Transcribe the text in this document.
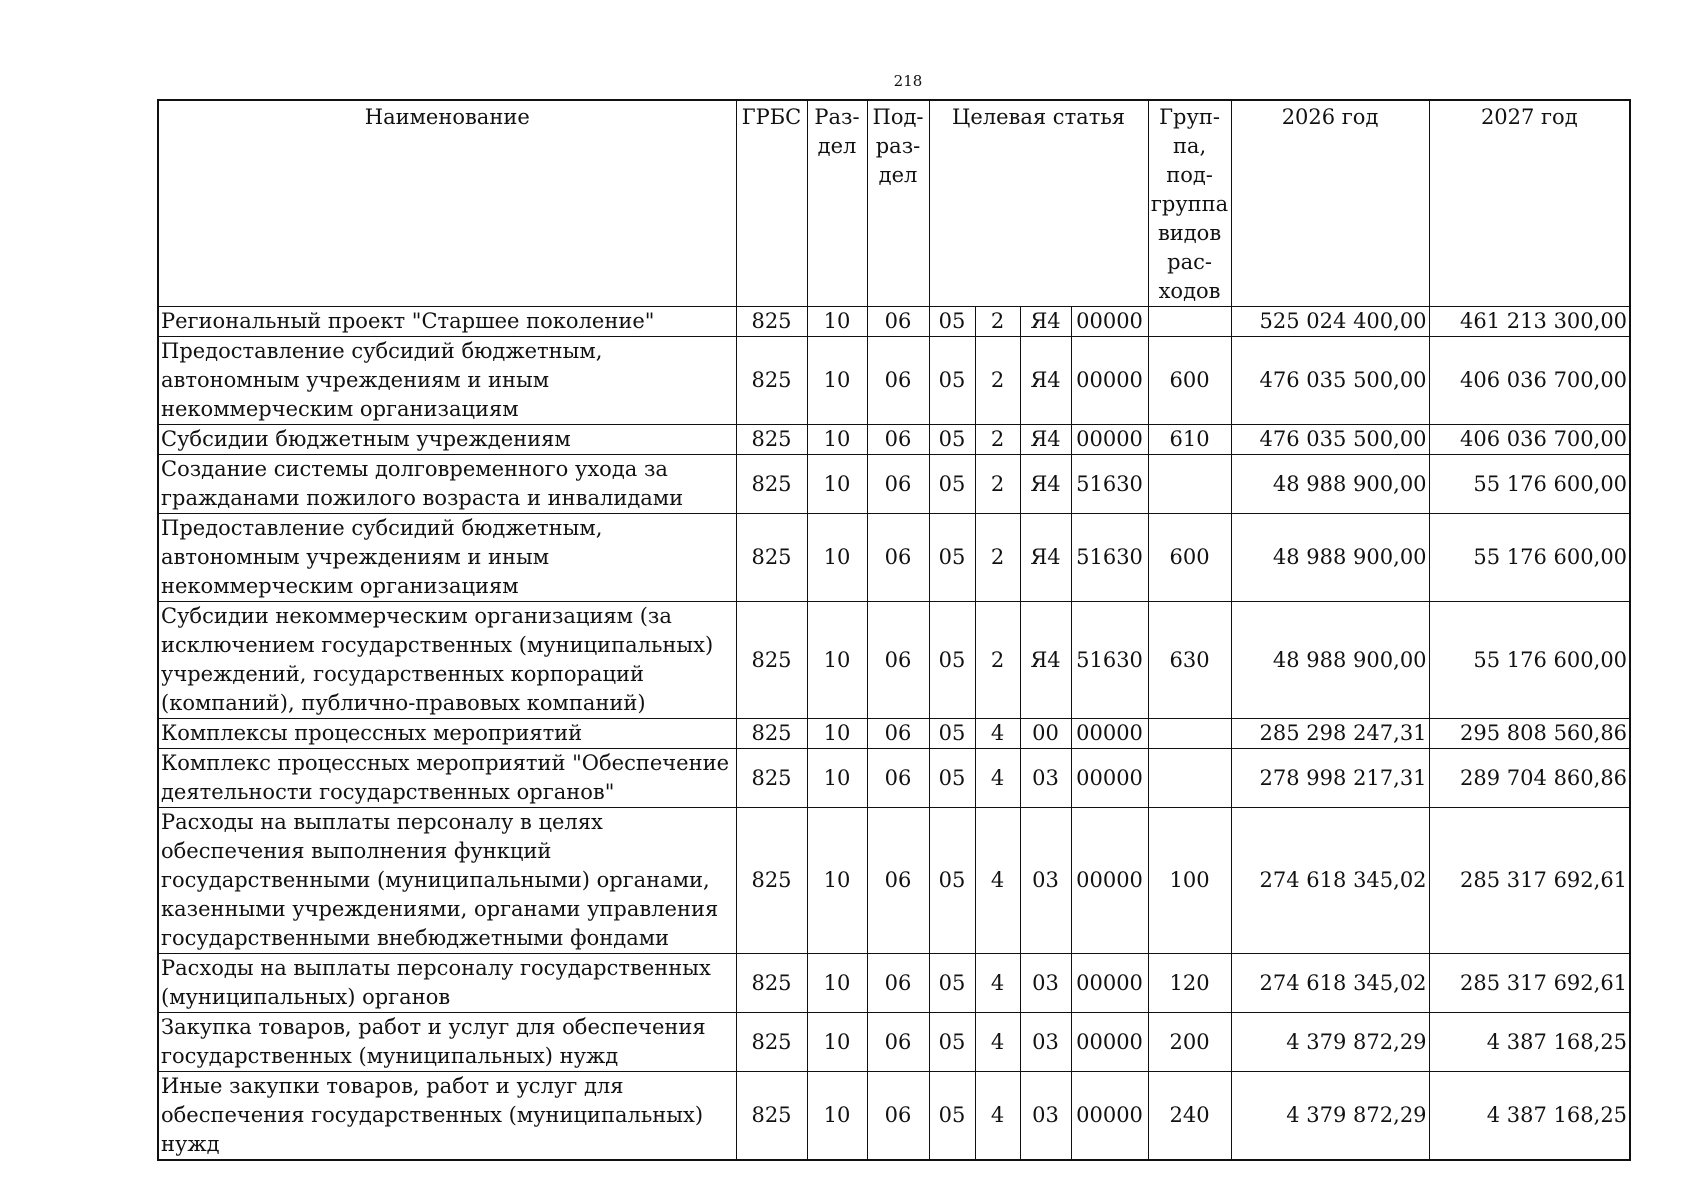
218
Наименование	ГРБС	Раз-дел	Под-раз-дел	Целевая статья				Груп-па, под-группа видов рас-ходов	2026 год	2027 год
Региональный проект "Старшее поколение"	825	10	06	05	2	Я4	00000		525 024 400,00	461 213 300,00
Предоставление субсидий бюджетным, автономным учреждениям и иным некоммерческим организациям	825	10	06	05	2	Я4	00000	600	476 035 500,00	406 036 700,00
Субсидии бюджетным учреждениям	825	10	06	05	2	Я4	00000	610	476 035 500,00	406 036 700,00
Создание системы долговременного ухода за гражданами пожилого возраста и инвалидами	825	10	06	05	2	Я4	51630		48 988 900,00	55 176 600,00
Предоставление субсидий бюджетным, автономным учреждениям и иным некоммерческим организациям	825	10	06	05	2	Я4	51630	600	48 988 900,00	55 176 600,00
Субсидии некоммерческим организациям (за исключением государственных (муниципальных) учреждений, государственных корпораций (компаний), публично-правовых компаний)	825	10	06	05	2	Я4	51630	630	48 988 900,00	55 176 600,00
Комплексы процессных мероприятий	825	10	06	05	4	00	00000		285 298 247,31	295 808 560,86
Комплекс процессных мероприятий "Обеспечение деятельности государственных органов"	825	10	06	05	4	03	00000		278 998 217,31	289 704 860,86
Расходы на выплаты персоналу в целях обеспечения выполнения функций государственными (муниципальными) органами, казенными учреждениями, органами управления государственными внебюджетными фондами	825	10	06	05	4	03	00000	100	274 618 345,02	285 317 692,61
Расходы на выплаты персоналу государственных (муниципальных) органов	825	10	06	05	4	03	00000	120	274 618 345,02	285 317 692,61
Закупка товаров, работ и услуг для обеспечения государственных (муниципальных) нужд	825	10	06	05	4	03	00000	200	4 379 872,29	4 387 168,25
Иные закупки товаров, работ и услуг для обеспечения государственных (муниципальных) нужд	825	10	06	05	4	03	00000	240	4 379 872,29	4 387 168,25
